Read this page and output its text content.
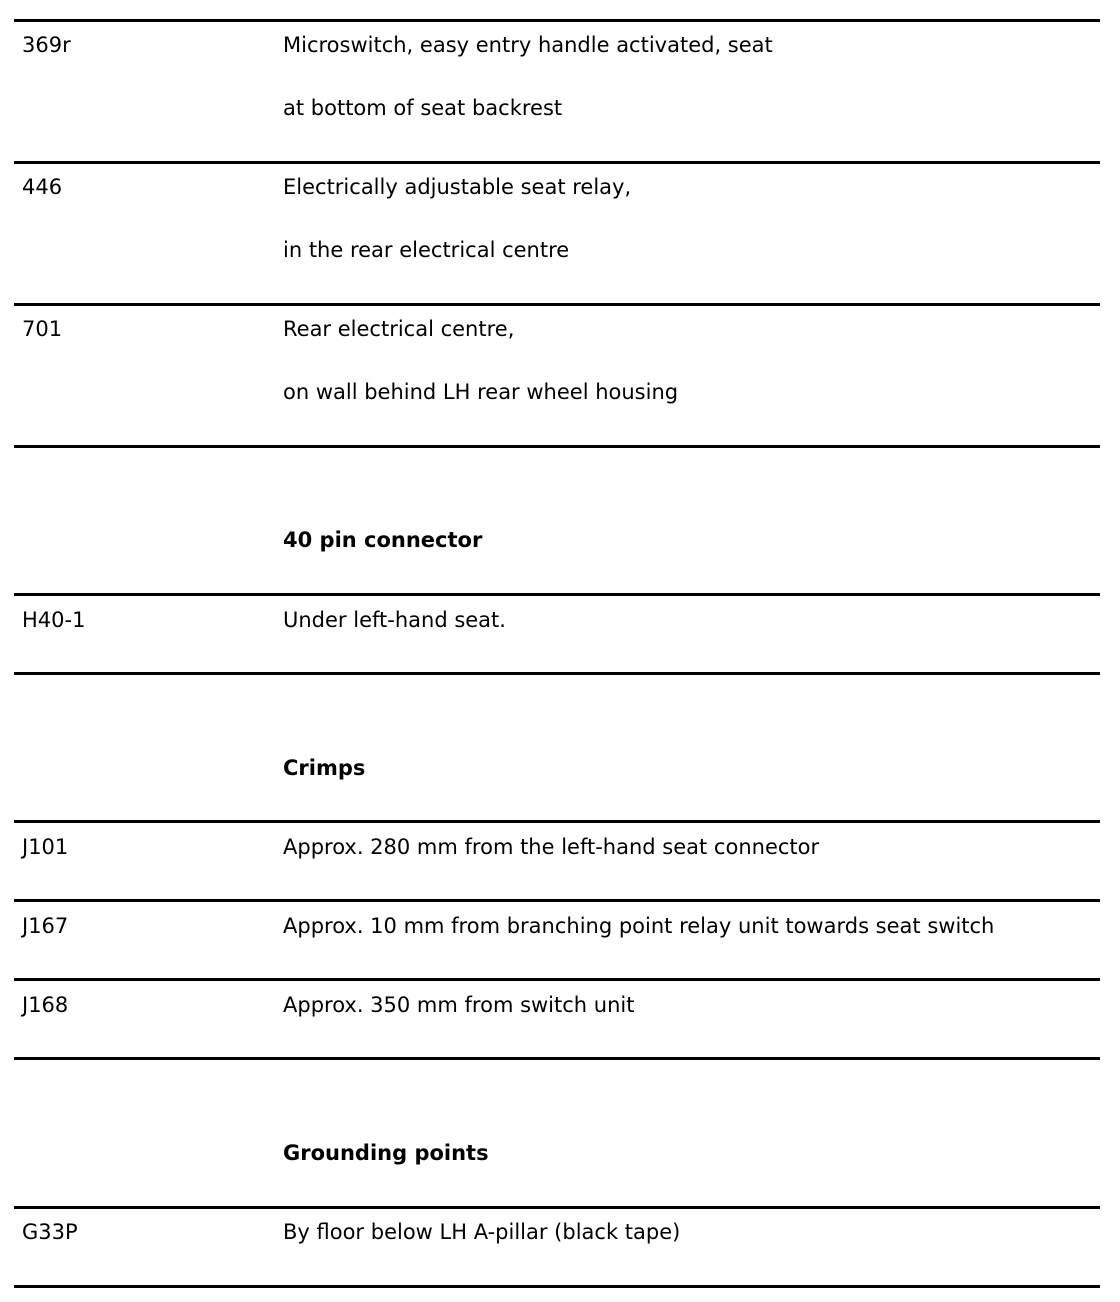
369r	Microswitch, easy entry handle activated, seat
at bottom of seat backrest
446	Electrically adjustable seat relay,
in the rear electrical centre
701	Rear electrical centre,
on wall behind LH rear wheel housing
40 pin connector
H40-1	Under left-hand seat.
Crimps
J101	Approx. 280 mm from the left-hand seat connector
J167	Approx. 10 mm from branching point relay unit towards seat switch
J168	Approx. 350 mm from switch unit
Grounding points
G33P	By floor below LH A-pillar (black tape)
